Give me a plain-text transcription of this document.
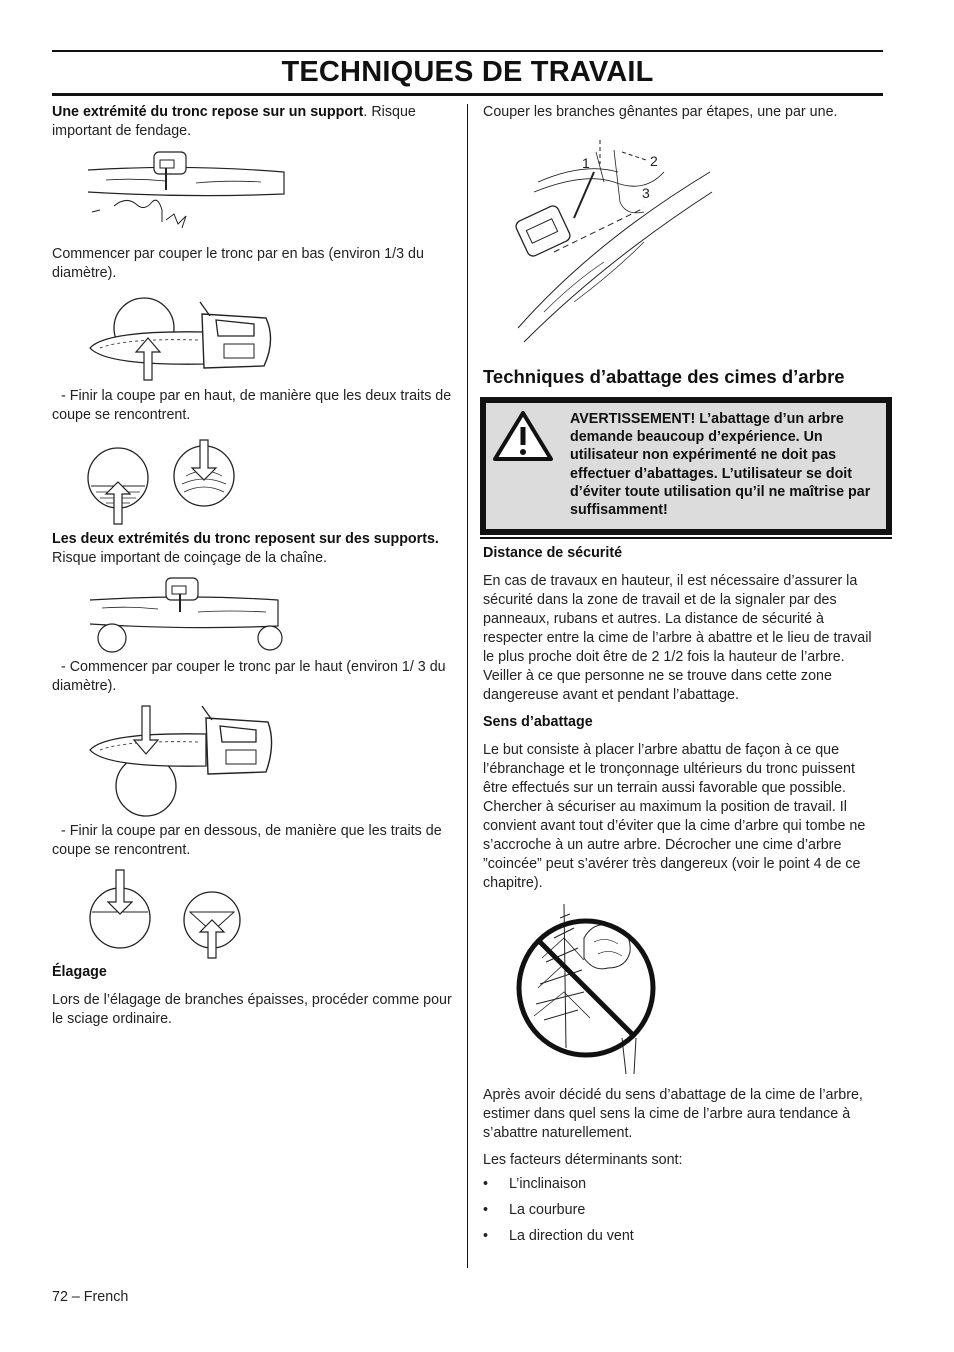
TECHNIQUES DE TRAVAIL
Une extrémité du tronc repose sur un support. Risque important de fendage.
Commencer par couper le tronc par en bas (environ 1/3 du diamètre).
- Finir la coupe par en haut, de manière que les deux traits de coupe se rencontrent.
Les deux extrémités du tronc reposent sur des supports. Risque important de coinçage de la chaîne.
- Commencer par couper le tronc par le haut (environ 1/ 3 du diamètre).
- Finir la coupe par en dessous, de manière que les traits de coupe se rencontrent.
Élagage
Lors de l’élagage de branches épaisses, procéder comme pour le sciage ordinaire.
Couper les branches gênantes par étapes, une par une.
1	2
3
Techniques d’abattage des cimes d’arbre
AVERTISSEMENT! L’abattage d’un arbre demande beaucoup d’expérience. Un utilisateur non expérimenté ne doit pas effectuer d’abattages. L’utilisateur se doit d’éviter toute utilisation qu’il ne maîtrise par suffisamment!
Distance de sécurité
En cas de travaux en hauteur, il est nécessaire d’assurer la sécurité dans la zone de travail et de la signaler par des panneaux, rubans et autres. La distance de sécurité à respecter entre la cime de l’arbre à abattre et le lieu de travail le plus proche doit être de 2 1/2 fois la hauteur de l’arbre. Veiller à ce que personne ne se trouve dans cette zone dangereuse avant et pendant l’abattage.
Sens d’abattage
Le but consiste à placer l’arbre abattu de façon à ce que l’ébranchage et le tronçonnage ultérieurs du tronc puissent être effectués sur un terrain aussi favorable que possible. Chercher à sécuriser au maximum la position de travail. Il convient avant tout d’éviter que la cime d’arbre qui tombe ne s’accroche à un autre arbre. Décrocher une cime d’arbre ”coincée” peut s’avérer très dangereux (voir le point 4 de ce chapitre).
Après avoir décidé du sens d’abattage de la cime de l’arbre, estimer dans quel sens la cime de l’arbre aura tendance à s’abattre naturellement.
Les facteurs déterminants sont:
• L’inclinaison
• La courbure
• La direction du vent
72 – French
